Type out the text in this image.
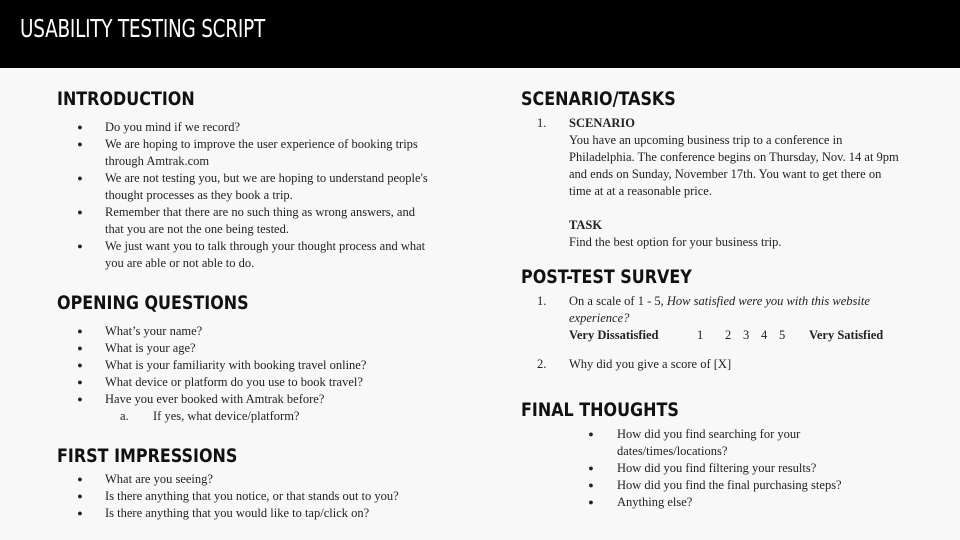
USABILITY TESTING SCRIPT
INTRODUCTION
● Do you mind if we record?
● We are hoping to improve the user experience of booking trips
through Amtrak.com
● We are not testing you, but we are hoping to understand people's
thought processes as they book a trip.
● Remember that there are no such thing as wrong answers, and
that you are not the one being tested.
● We just want you to talk through your thought process and what
you are able or not able to do.
OPENING QUESTIONS
● What’s your name?
● What is your age?
● What is your familiarity with booking travel online?
● What device or platform do you use to book travel?
● Have you ever booked with Amtrak before?
a. If yes, what device/platform?
FIRST IMPRESSIONS
● What are you seeing?
● Is there anything that you notice, or that stands out to you?
● Is there anything that you would like to tap/click on?
SCENARIO/TASKS
1. SCENARIO
You have an upcoming business trip to a conference in
Philadelphia. The conference begins on Thursday, Nov. 14 at 9pm
and ends on Sunday, November 17th. You want to get there on
time at at a reasonable price.
TASK
Find the best option for your business trip.
POST-TEST SURVEY
1. On a scale of 1 - 5, How satisfied were you with this website
experience?
Very Dissatisfied	1 2 3 4 5 Very Satisfied
2. Why did you give a score of [X]
FINAL THOUGHTS
● How did you find searching for your
dates/times/locations?
● How did you find filtering your results?
● How did you find the final purchasing steps?
● Anything else?
